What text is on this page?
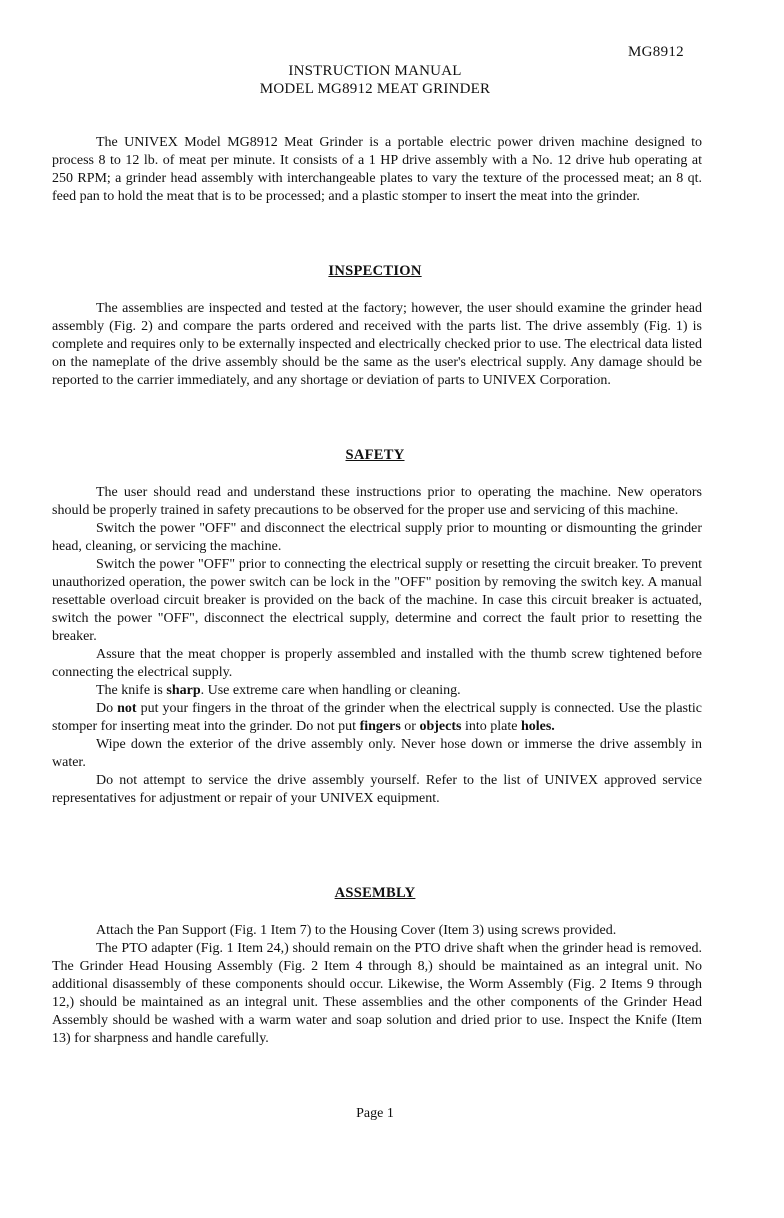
MG8912
INSTRUCTION MANUAL
MODEL MG8912 MEAT GRINDER

The UNIVEX Model MG8912 Meat Grinder is a portable electric power driven machine designed to process 8 to 12 lb. of meat per minute. It consists of a 1 HP drive assembly with a No. 12 drive hub operating at 250 RPM; a grinder head assembly with interchangeable plates to vary the texture of the processed meat; an 8 qt. feed pan to hold the meat that is to be processed; and a plastic stomper to insert the meat into the grinder.

INSPECTION

The assemblies are inspected and tested at the factory; however, the user should examine the grinder head assembly (Fig. 2) and compare the parts ordered and received with the parts list. The drive assembly (Fig. 1) is complete and requires only to be externally inspected and electrically checked prior to use. The electrical data listed on the nameplate of the drive assembly should be the same as the user's electrical supply. Any damage should be reported to the carrier immediately, and any shortage or deviation of parts to UNIVEX Corporation.

SAFETY

The user should read and understand these instructions prior to operating the machine. New operators should be properly trained in safety precautions to be observed for the proper use and servicing of this machine.

Switch the power "OFF" and disconnect the electrical supply prior to mounting or dismounting the grinder head, cleaning, or servicing the machine.

Switch the power "OFF" prior to connecting the electrical supply or resetting the circuit breaker. To prevent unauthorized operation, the power switch can be lock in the "OFF" position by removing the switch key. A manual resettable overload circuit breaker is provided on the back of the machine. In case this circuit breaker is actuated, switch the power "OFF", disconnect the electrical supply, determine and correct the fault prior to resetting the breaker.

Assure that the meat chopper is properly assembled and installed with the thumb screw tightened before connecting the electrical supply.

The knife is sharp. Use extreme care when handling or cleaning.

Do not put your fingers in the throat of the grinder when the electrical supply is connected. Use the plastic stomper for inserting meat into the grinder. Do not put fingers or objects into plate holes.

Wipe down the exterior of the drive assembly only. Never hose down or immerse the drive assembly in water.

Do not attempt to service the drive assembly yourself. Refer to the list of UNIVEX approved service representatives for adjustment or repair of your UNIVEX equipment.

ASSEMBLY

Attach the Pan Support (Fig. 1 Item 7) to the Housing Cover (Item 3) using screws provided.

The PTO adapter (Fig. 1 Item 24,) should remain on the PTO drive shaft when the grinder head is removed. The Grinder Head Housing Assembly (Fig. 2 Item 4 through 8,) should be maintained as an integral unit. No additional disassembly of these components should occur. Likewise, the Worm Assembly (Fig. 2 Items 9 through 12,) should be maintained as an integral unit. These assemblies and the other components of the Grinder Head Assembly should be washed with a warm water and soap solution and dried prior to use. Inspect the Knife (Item 13) for sharpness and handle carefully.

Page 1
